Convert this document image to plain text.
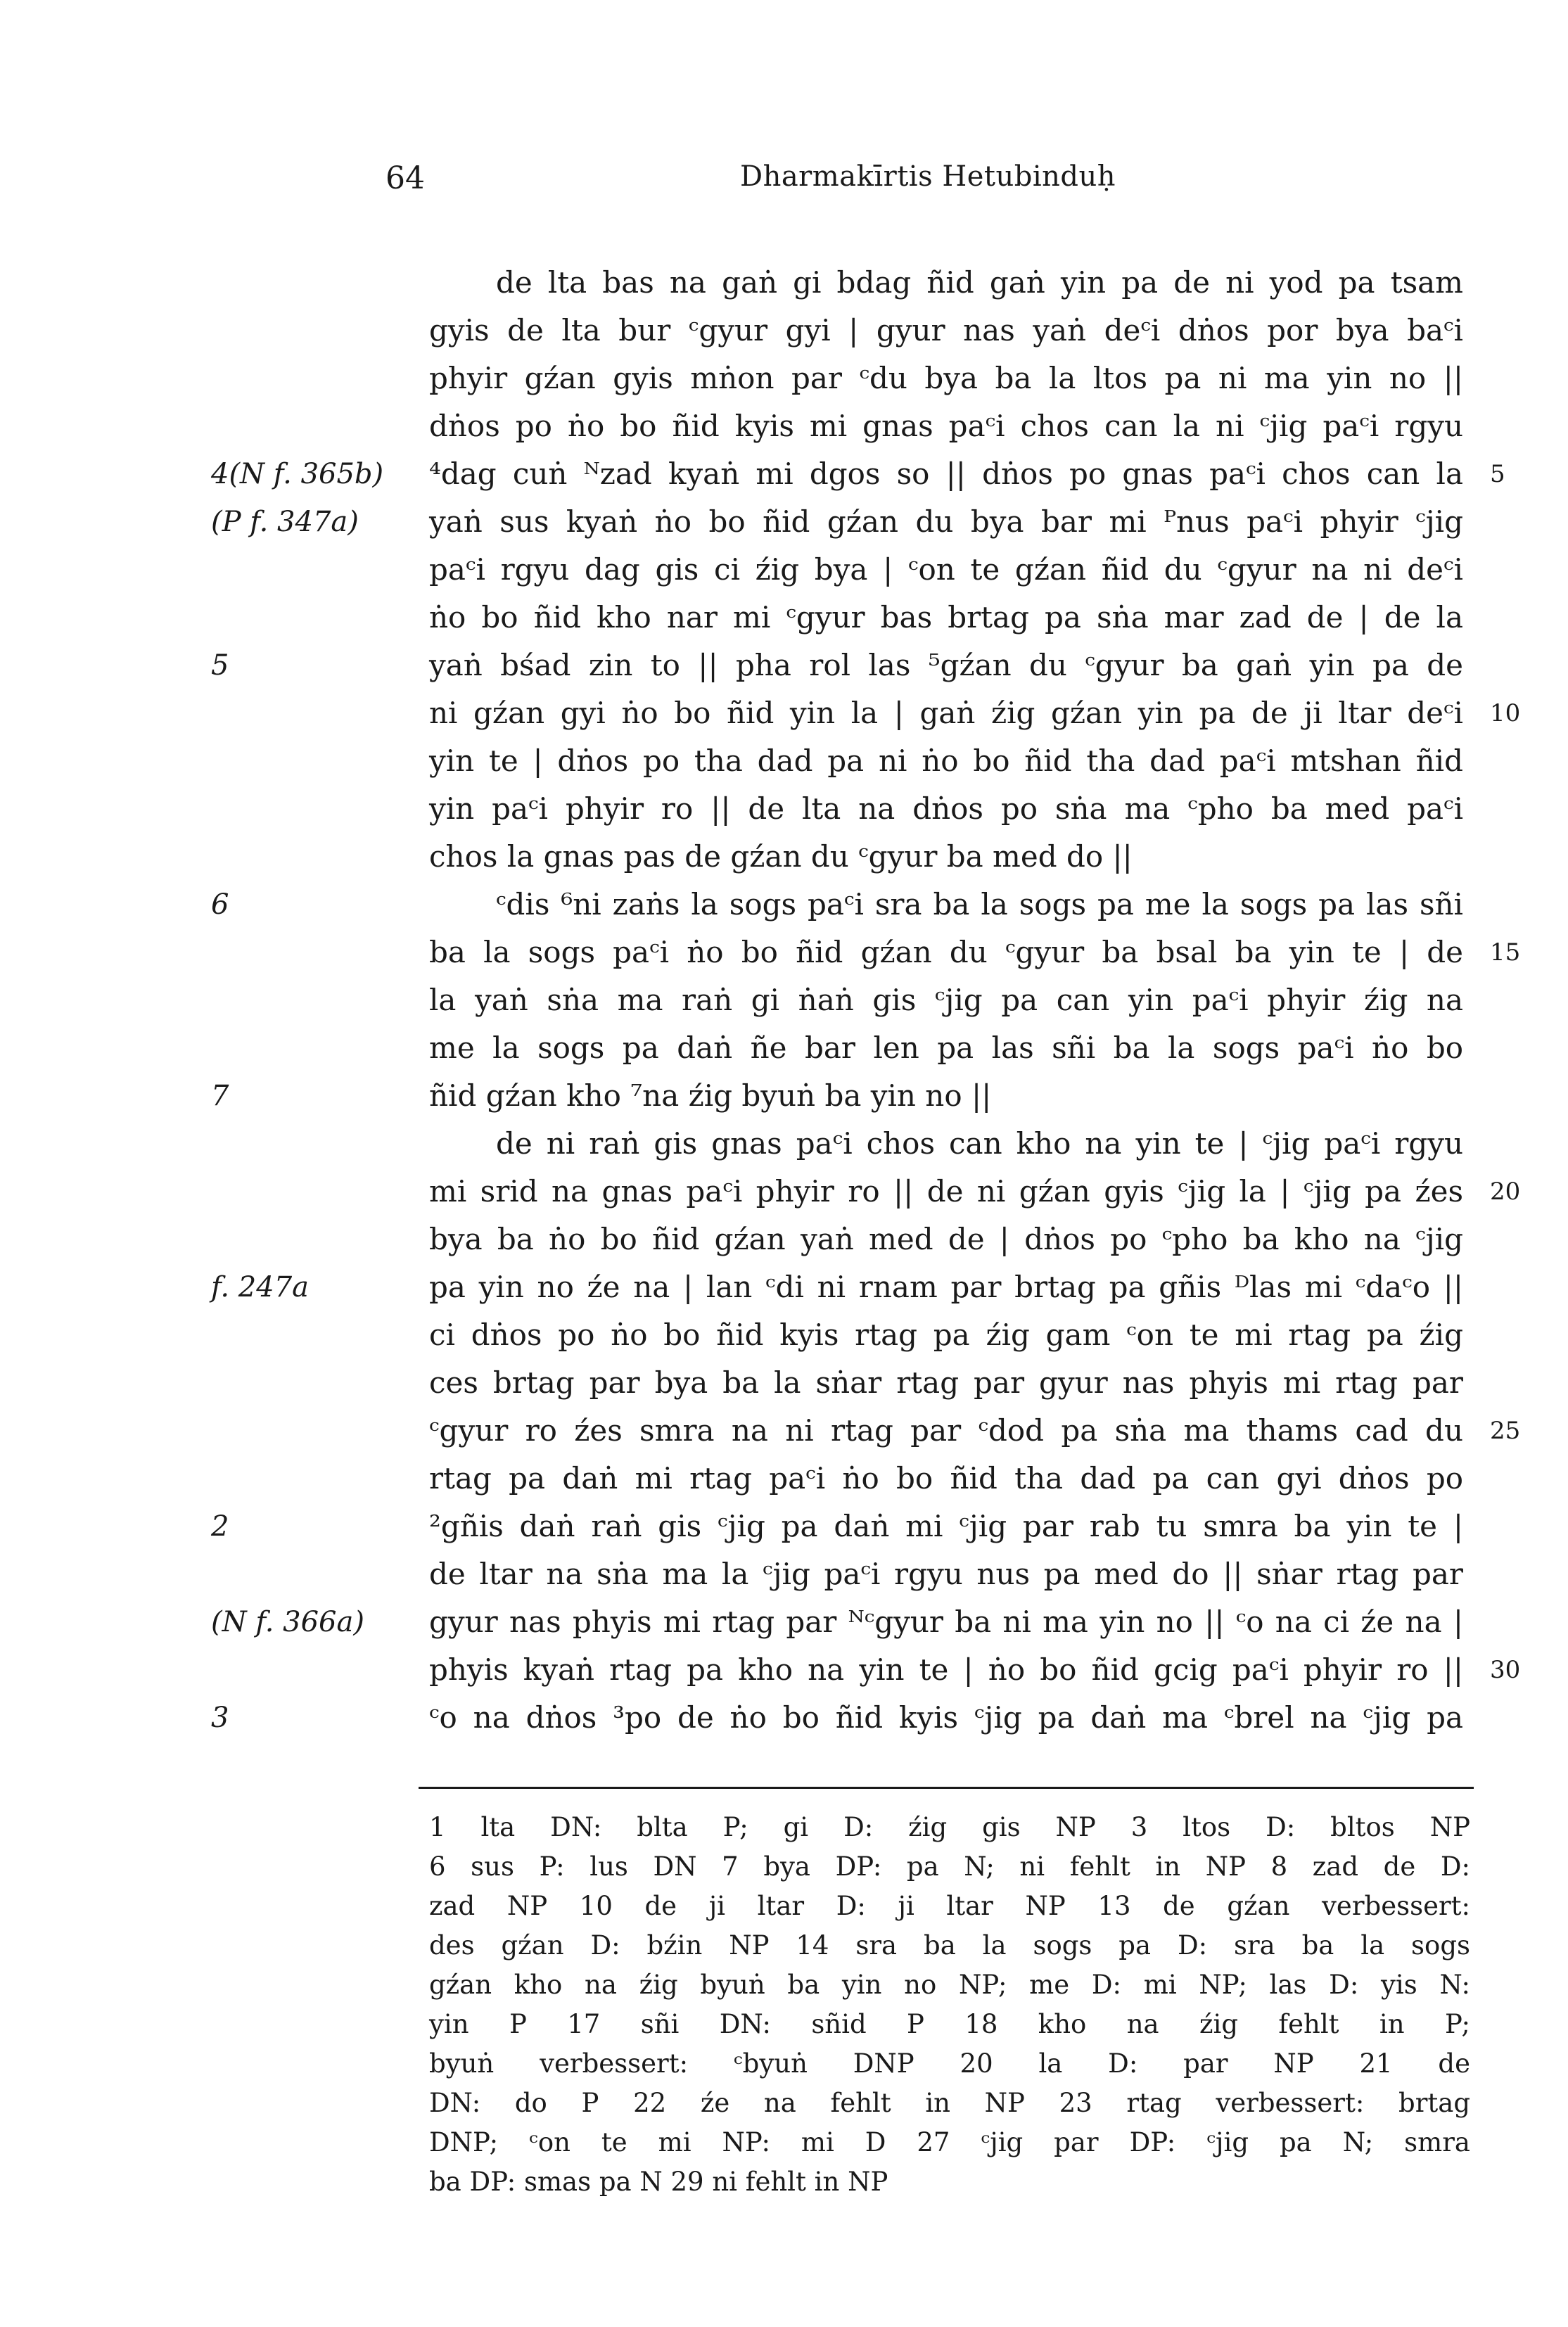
64	Dharmakīrtis Hetubinduḥ
de lta bas na gaṅ gi bdag ñid gaṅ yin pa de ni yod pa tsam
gyis de lta bur ᶜgyur gyi | gyur nas yaṅ deᶜi dṅos por bya baᶜi
phyir gźan gyis mṅon par ᶜdu bya ba la ltos pa ni ma yin no ||
dṅos po ṅo bo ñid kyis mi gnas paᶜi chos can la ni ᶜjig paᶜi rgyu
⁴dag cuṅ ᴺzad kyaṅ mi dgos so || dṅos po gnas paᶜi chos can la
4(N f. 365b)	5
yaṅ sus kyaṅ ṅo bo ñid gźan du bya bar mi ᴾnus paᶜi phyir ᶜjig
(P f. 347a)
paᶜi rgyu dag gis ci źig bya | ᶜon te gźan ñid du ᶜgyur na ni deᶜi
ṅo bo ñid kho nar mi ᶜgyur bas brtag pa sṅa mar zad de | de la
yaṅ bśad zin to || pha rol las ⁵gźan du ᶜgyur ba gaṅ yin pa de
5
ni gźan gyi ṅo bo ñid yin la | gaṅ źig gźan yin pa de ji ltar deᶜi 10
yin te | dṅos po tha dad pa ni ṅo bo ñid tha dad paᶜi mtshan ñid
yin paᶜi phyir ro || de lta na dṅos po sṅa ma ᶜpho ba med paᶜi
chos la gnas pas de gźan du ᶜgyur ba med do ||
ᶜdis ⁶ni zaṅs la sogs paᶜi sra ba la sogs pa me la sogs pa las sñi
6
ba la sogs paᶜi ṅo bo ñid gźan du ᶜgyur ba bsal ba yin te | de 15
la yaṅ sṅa ma raṅ gi ṅaṅ gis ᶜjig pa can yin paᶜi phyir źig na
me la sogs pa daṅ ñe bar len pa las sñi ba la sogs paᶜi ṅo bo
ñid gźan kho ⁷na źig byuṅ ba yin no ||
7
de ni raṅ gis gnas paᶜi chos can kho na yin te | ᶜjig paᶜi rgyu
mi srid na gnas paᶜi phyir ro || de ni gźan gyis ᶜjig la | ᶜjig pa źes 20
bya ba ṅo bo ñid gźan yaṅ med de | dṅos po ᶜpho ba kho na ᶜjig
pa yin no źe na | lan ᶜdi ni rnam par brtag pa gñis ᴰlas mi ᶜdaᶜo ||
f. 247a
ci dṅos po ṅo bo ñid kyis rtag pa źig gam ᶜon te mi rtag pa źig
ces brtag par bya ba la sṅar rtag par gyur nas phyis mi rtag par
ᶜgyur ro źes smra na ni rtag par ᶜdod pa sṅa ma thams cad du 25
rtag pa daṅ mi rtag paᶜi ṅo bo ñid tha dad pa can gyi dṅos po
²gñis daṅ raṅ gis ᶜjig pa daṅ mi ᶜjig par rab tu smra ba yin te |
2
de ltar na sṅa ma la ᶜjig paᶜi rgyu nus pa med do || sṅar rtag par
gyur nas phyis mi rtag par ᴺᶜgyur ba ni ma yin no || ᶜo na ci źe na |
(N f. 366a)
phyis kyaṅ rtag pa kho na yin te | ṅo bo ñid gcig paᶜi phyir ro || 30
ᶜo na dṅos ³po de ṅo bo ñid kyis ᶜjig pa daṅ ma ᶜbrel na ᶜjig pa
3
1 lta DN: blta P; gi D: źig gis NP 3 ltos D: bltos NP
6 sus P: lus DN 7 bya DP: pa N; ni fehlt in NP 8 zad de D:
zad NP 10 de ji ltar D: ji ltar NP 13 de gźan verbessert:
des gźan D: bźin NP 14 sra ba la sogs pa D: sra ba la sogs
gźan kho na źig byuṅ ba yin no NP; me D: mi NP; las D: yis N:
yin P 17 sñi DN: sñid P 18 kho na źig fehlt in P;
byuṅ verbessert: ᶜbyuṅ DNP 20 la D: par NP 21 de
DN: do P 22 źe na fehlt in NP 23 rtag verbessert: brtag
DNP; ᶜon te mi NP: mi D 27 ᶜjig par DP: ᶜjig pa N; smra
ba DP: smas pa N 29 ni fehlt in NP
